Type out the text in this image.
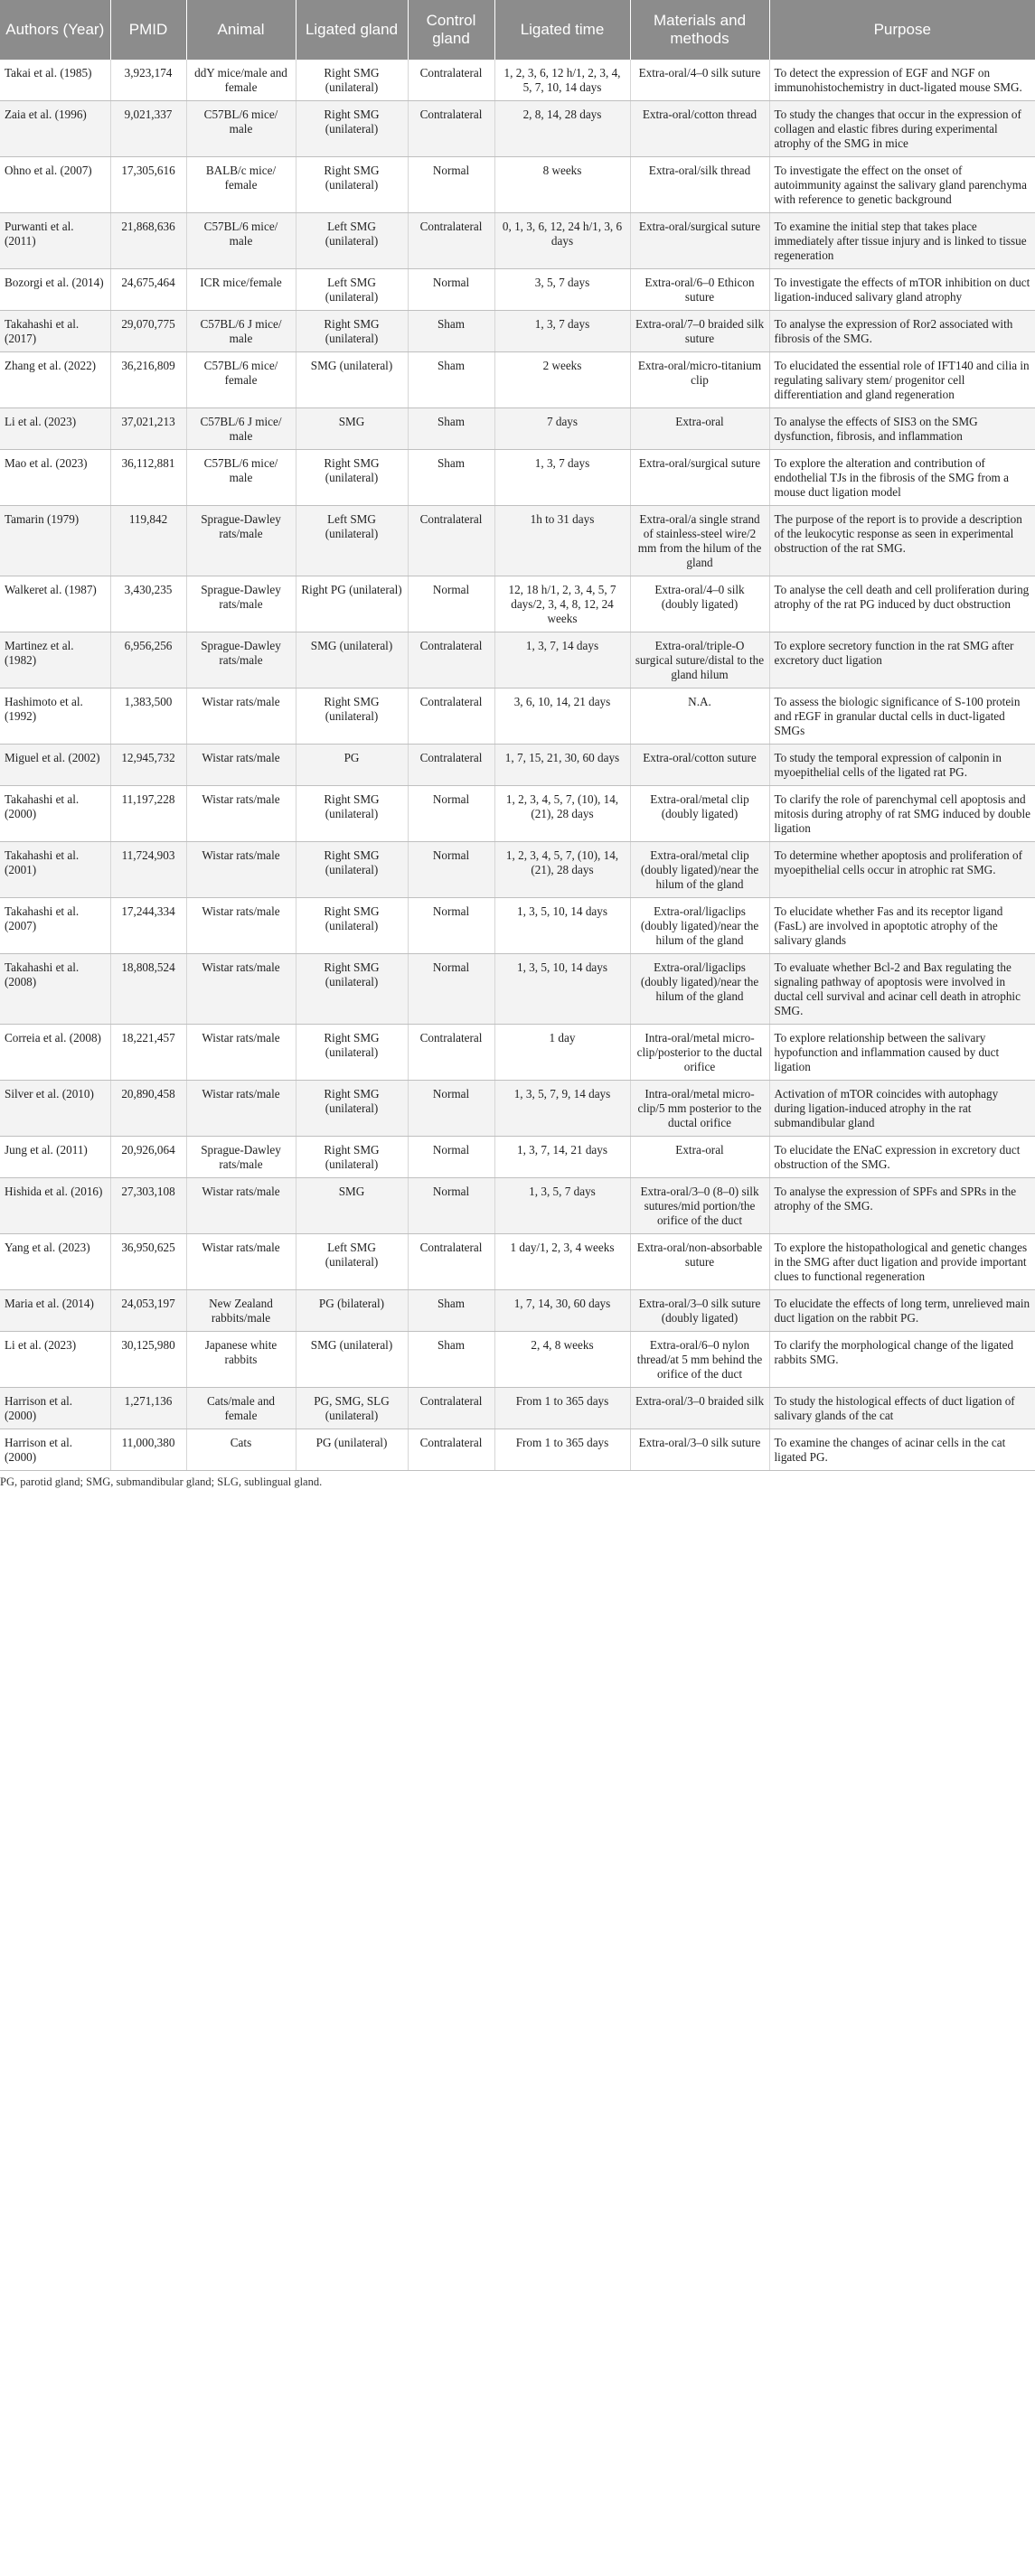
Authors (Year)	PMID	Animal	Ligated gland	Control gland	Ligated time	Materials and methods	Purpose
Takai et al. (1985)	3,923,174	ddY mice/male and female	Right SMG (unilateral)	Contralateral	1, 2, 3, 6, 12 h/1, 2, 3, 4, 5, 7, 10, 14 days	Extra-oral/4–0 silk suture	To detect the expression of EGF and NGF on immunohistochemistry in duct-ligated mouse SMG.
Zaia et al. (1996)	9,021,337	C57BL/6 mice/ male	Right SMG (unilateral)	Contralateral	2, 8, 14, 28 days	Extra-oral/cotton thread	To study the changes that occur in the expression of collagen and elastic fibres during experimental atrophy of the SMG in mice
Ohno et al. (2007)	17,305,616	BALB/c mice/ female	Right SMG (unilateral)	Normal	8 weeks	Extra-oral/silk thread	To investigate the effect on the onset of autoimmunity against the salivary gland parenchyma with reference to genetic background
Purwanti et al. (2011)	21,868,636	C57BL/6 mice/ male	Left SMG (unilateral)	Contralateral	0, 1, 3, 6, 12, 24 h/1, 3, 6 days	Extra-oral/surgical suture	To examine the initial step that takes place immediately after tissue injury and is linked to tissue regeneration
Bozorgi et al. (2014)	24,675,464	ICR mice/female	Left SMG (unilateral)	Normal	3, 5, 7 days	Extra-oral/6–0 Ethicon suture	To investigate the effects of mTOR inhibition on duct ligation-induced salivary gland atrophy
Takahashi et al. (2017)	29,070,775	C57BL/6 J mice/ male	Right SMG (unilateral)	Sham	1, 3, 7 days	Extra-oral/7–0 braided silk suture	To analyse the expression of Ror2 associated with fibrosis of the SMG.
Zhang et al. (2022)	36,216,809	C57BL/6 mice/ female	SMG (unilateral)	Sham	2 weeks	Extra-oral/micro-titanium clip	To elucidated the essential role of IFT140 and cilia in regulating salivary stem/ progenitor cell differentiation and gland regeneration
Li et al. (2023)	37,021,213	C57BL/6 J mice/ male	SMG	Sham	7 days	Extra-oral	To analyse the effects of SIS3 on the SMG dysfunction, fibrosis, and inflammation
Mao et al. (2023)	36,112,881	C57BL/6 mice/ male	Right SMG (unilateral)	Sham	1, 3, 7 days	Extra-oral/surgical suture	To explore the alteration and contribution of endothelial TJs in the fibrosis of the SMG from a mouse duct ligation model
Tamarin (1979)	119,842	Sprague-Dawley rats/male	Left SMG (unilateral)	Contralateral	1h to 31 days	Extra-oral/a single strand of stainless-steel wire/2 mm from the hilum of the gland	The purpose of the report is to provide a description of the leukocytic response as seen in experimental obstruction of the rat SMG.
Walkeret al. (1987)	3,430,235	Sprague-Dawley rats/male	Right PG (unilateral)	Normal	12, 18 h/1, 2, 3, 4, 5, 7 days/2, 3, 4, 8, 12, 24 weeks	Extra-oral/4–0 silk (doubly ligated)	To analyse the cell death and cell proliferation during atrophy of the rat PG induced by duct obstruction
Martinez et al. (1982)	6,956,256	Sprague-Dawley rats/male	SMG (unilateral)	Contralateral	1, 3, 7, 14 days	Extra-oral/triple-O surgical suture/distal to the gland hilum	To explore secretory function in the rat SMG after excretory duct ligation
Hashimoto et al. (1992)	1,383,500	Wistar rats/male	Right SMG (unilateral)	Contralateral	3, 6, 10, 14, 21 days	N.A.	To assess the biologic significance of S-100 protein and rEGF in granular ductal cells in duct-ligated SMGs
Miguel et al. (2002)	12,945,732	Wistar rats/male	PG	Contralateral	1, 7, 15, 21, 30, 60 days	Extra-oral/cotton suture	To study the temporal expression of calponin in myoepithelial cells of the ligated rat PG.
Takahashi et al. (2000)	11,197,228	Wistar rats/male	Right SMG (unilateral)	Normal	1, 2, 3, 4, 5, 7, (10), 14, (21), 28 days	Extra-oral/metal clip (doubly ligated)	To clarify the role of parenchymal cell apoptosis and mitosis during atrophy of rat SMG induced by double ligation
Takahashi et al. (2001)	11,724,903	Wistar rats/male	Right SMG (unilateral)	Normal	1, 2, 3, 4, 5, 7, (10), 14, (21), 28 days	Extra-oral/metal clip (doubly ligated)/near the hilum of the gland	To determine whether apoptosis and proliferation of myoepithelial cells occur in atrophic rat SMG.
Takahashi et al. (2007)	17,244,334	Wistar rats/male	Right SMG (unilateral)	Normal	1, 3, 5, 10, 14 days	Extra-oral/ligaclips (doubly ligated)/near the hilum of the gland	To elucidate whether Fas and its receptor ligand (FasL) are involved in apoptotic atrophy of the salivary glands
Takahashi et al. (2008)	18,808,524	Wistar rats/male	Right SMG (unilateral)	Normal	1, 3, 5, 10, 14 days	Extra-oral/ligaclips (doubly ligated)/near the hilum of the gland	To evaluate whether Bcl-2 and Bax regulating the signaling pathway of apoptosis were involved in ductal cell survival and acinar cell death in atrophic SMG.
Correia et al. (2008)	18,221,457	Wistar rats/male	Right SMG (unilateral)	Contralateral	1 day	Intra-oral/metal micro-clip/posterior to the ductal orifice	To explore relationship between the salivary hypofunction and inflammation caused by duct ligation
Silver et al. (2010)	20,890,458	Wistar rats/male	Right SMG (unilateral)	Normal	1, 3, 5, 7, 9, 14 days	Intra-oral/metal micro-clip/5 mm posterior to the ductal orifice	Activation of mTOR coincides with autophagy during ligation-induced atrophy in the rat submandibular gland
Jung et al. (2011)	20,926,064	Sprague-Dawley rats/male	Right SMG (unilateral)	Normal	1, 3, 7, 14, 21 days	Extra-oral	To elucidate the ENaC expression in excretory duct obstruction of the SMG.
Hishida et al. (2016)	27,303,108	Wistar rats/male	SMG	Normal	1, 3, 5, 7 days	Extra-oral/3–0 (8–0) silk sutures/mid portion/the orifice of the duct	To analyse the expression of SPFs and SPRs in the atrophy of the SMG.
Yang et al. (2023)	36,950,625	Wistar rats/male	Left SMG (unilateral)	Contralateral	1 day/1, 2, 3, 4 weeks	Extra-oral/non-absorbable suture	To explore the histopathological and genetic changes in the SMG after duct ligation and provide important clues to functional regeneration
Maria et al. (2014)	24,053,197	New Zealand rabbits/male	PG (bilateral)	Sham	1, 7, 14, 30, 60 days	Extra-oral/3–0 silk suture (doubly ligated)	To elucidate the effects of long term, unrelieved main duct ligation on the rabbit PG.
Li et al. (2023)	30,125,980	Japanese white rabbits	SMG (unilateral)	Sham	2, 4, 8 weeks	Extra-oral/6–0 nylon thread/at 5 mm behind the orifice of the duct	To clarify the morphological change of the ligated rabbits SMG.
Harrison et al. (2000)	1,271,136	Cats/male and female	PG, SMG, SLG (unilateral)	Contralateral	From 1 to 365 days	Extra-oral/3–0 braided silk	To study the histological effects of duct ligation of salivary glands of the cat
Harrison et al. (2000)	11,000,380	Cats	PG (unilateral)	Contralateral	From 1 to 365 days	Extra-oral/3–0 silk suture	To examine the changes of acinar cells in the cat ligated PG.
PG, parotid gland; SMG, submandibular gland; SLG, sublingual gland.
